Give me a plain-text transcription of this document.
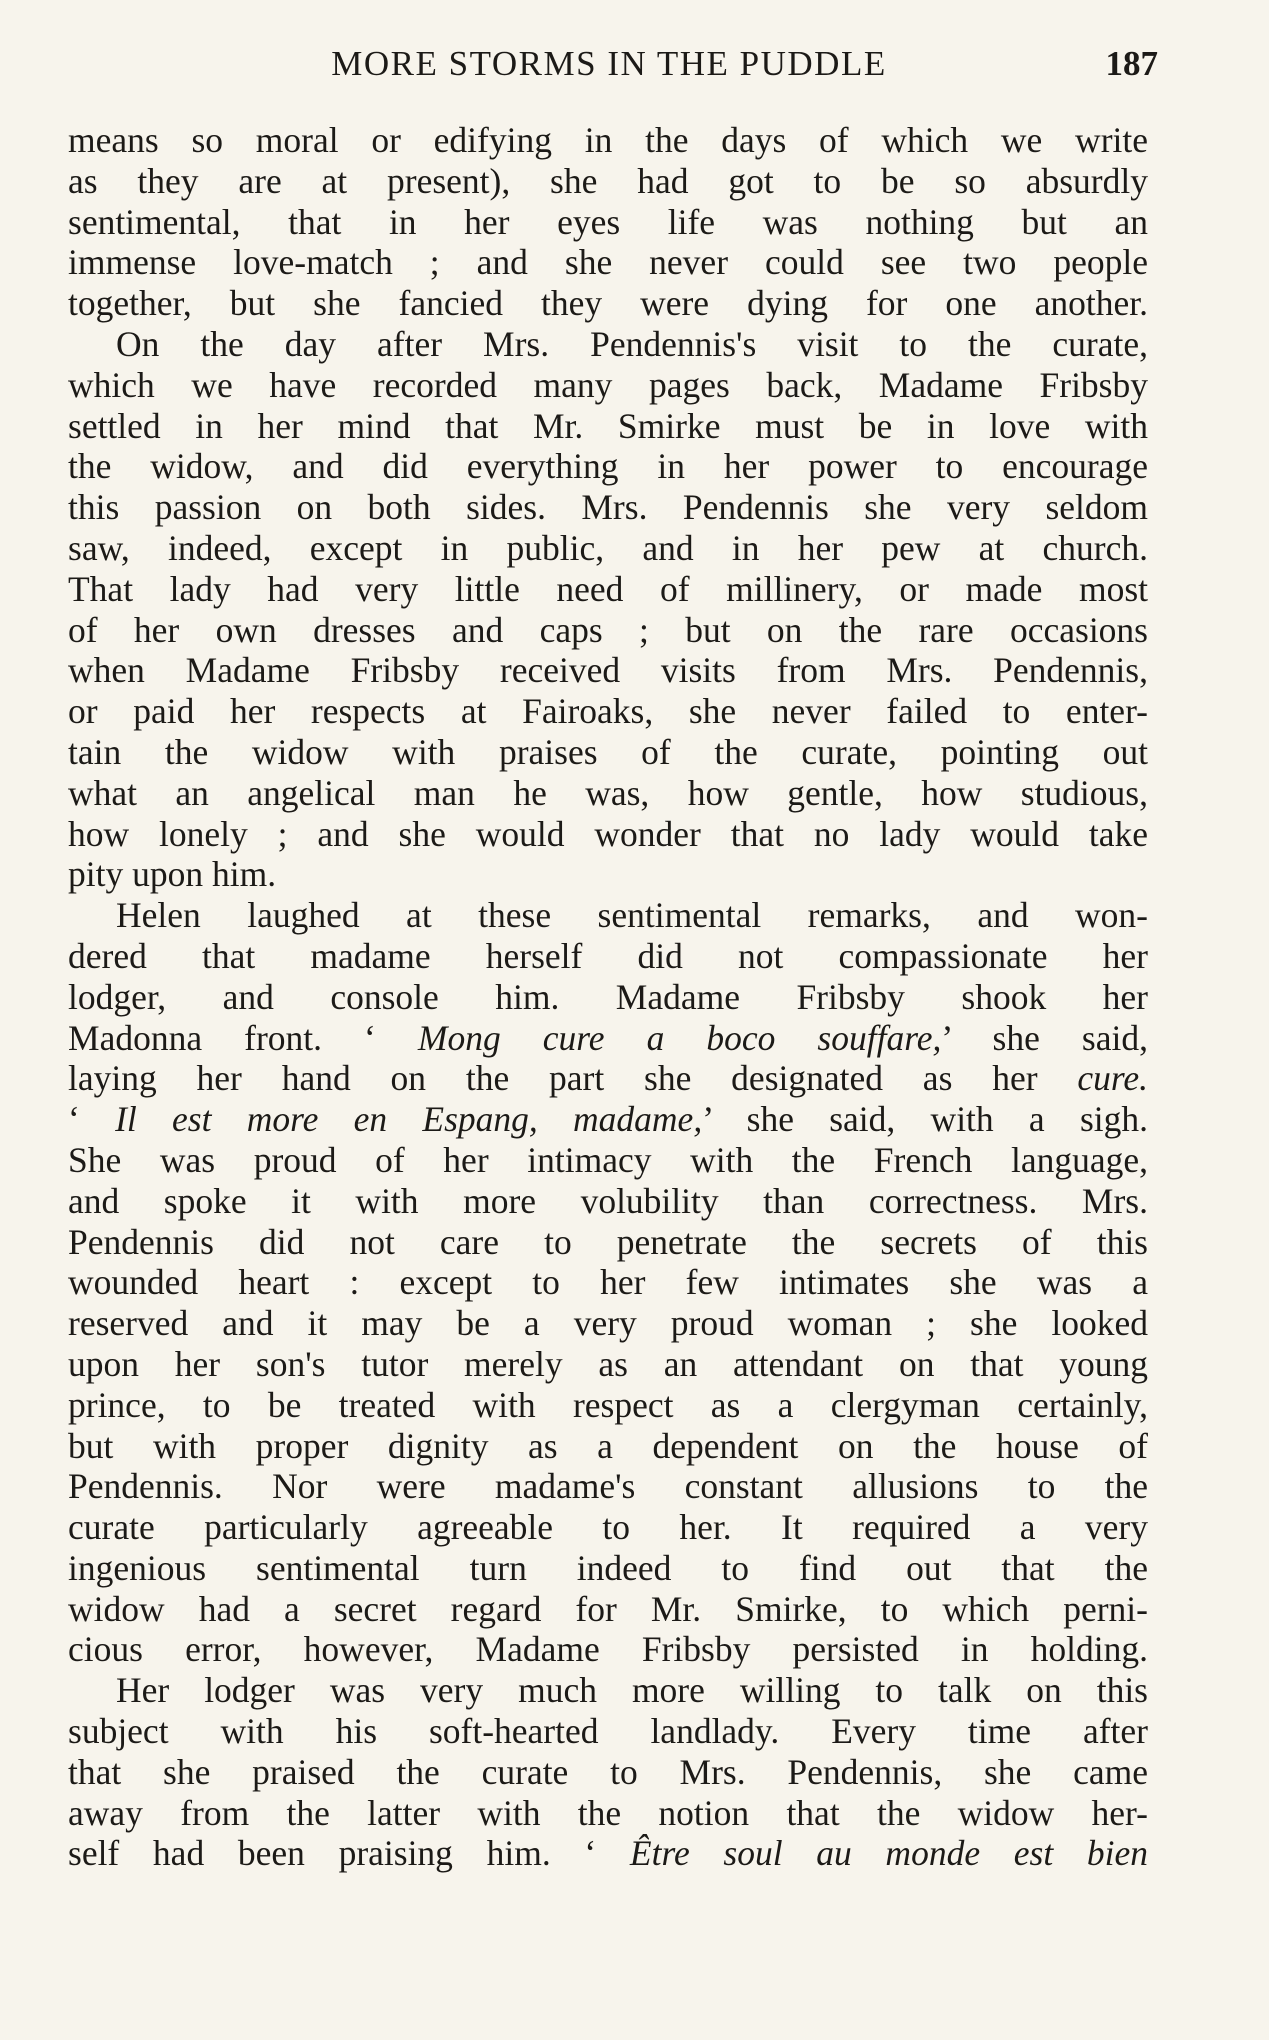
MORE STORMS IN THE PUDDLE	187
means so moral or edifying in the days of which we write
as they are at present), she had got to be so absurdly
sentimental, that in her eyes life was nothing but an
immense love-match ; and she never could see two people
together, but she fancied they were dying for one another.
On the day after Mrs. Pendennis's visit to the curate,
which we have recorded many pages back, Madame Fribsby
settled in her mind that Mr. Smirke must be in love with
the widow, and did everything in her power to encourage
this passion on both sides. Mrs. Pendennis she very seldom
saw, indeed, except in public, and in her pew at church.
That lady had very little need of millinery, or made most
of her own dresses and caps ; but on the rare occasions
when Madame Fribsby received visits from Mrs. Pendennis,
or paid her respects at Fairoaks, she never failed to enter-
tain the widow with praises of the curate, pointing out
what an angelical man he was, how gentle, how studious,
how lonely ; and she would wonder that no lady would take
pity upon him.
Helen laughed at these sentimental remarks, and won-
dered that madame herself did not compassionate her
lodger, and console him. Madame Fribsby shook her
Madonna front. ‘ Mong cure a boco souffare,’ she said,
laying her hand on the part she designated as her cure.
‘ Il est more en Espang, madame,’ she said, with a sigh.
She was proud of her intimacy with the French language,
and spoke it with more volubility than correctness. Mrs.
Pendennis did not care to penetrate the secrets of this
wounded heart : except to her few intimates she was a
reserved and it may be a very proud woman ; she looked
upon her son's tutor merely as an attendant on that young
prince, to be treated with respect as a clergyman certainly,
but with proper dignity as a dependent on the house of
Pendennis. Nor were madame's constant allusions to the
curate particularly agreeable to her. It required a very
ingenious sentimental turn indeed to find out that the
widow had a secret regard for Mr. Smirke, to which perni-
cious error, however, Madame Fribsby persisted in holding.
Her lodger was very much more willing to talk on this
subject with his soft-hearted landlady. Every time after
that she praised the curate to Mrs. Pendennis, she came
away from the latter with the notion that the widow her-
self had been praising him. ‘ Être soul au monde est bien
